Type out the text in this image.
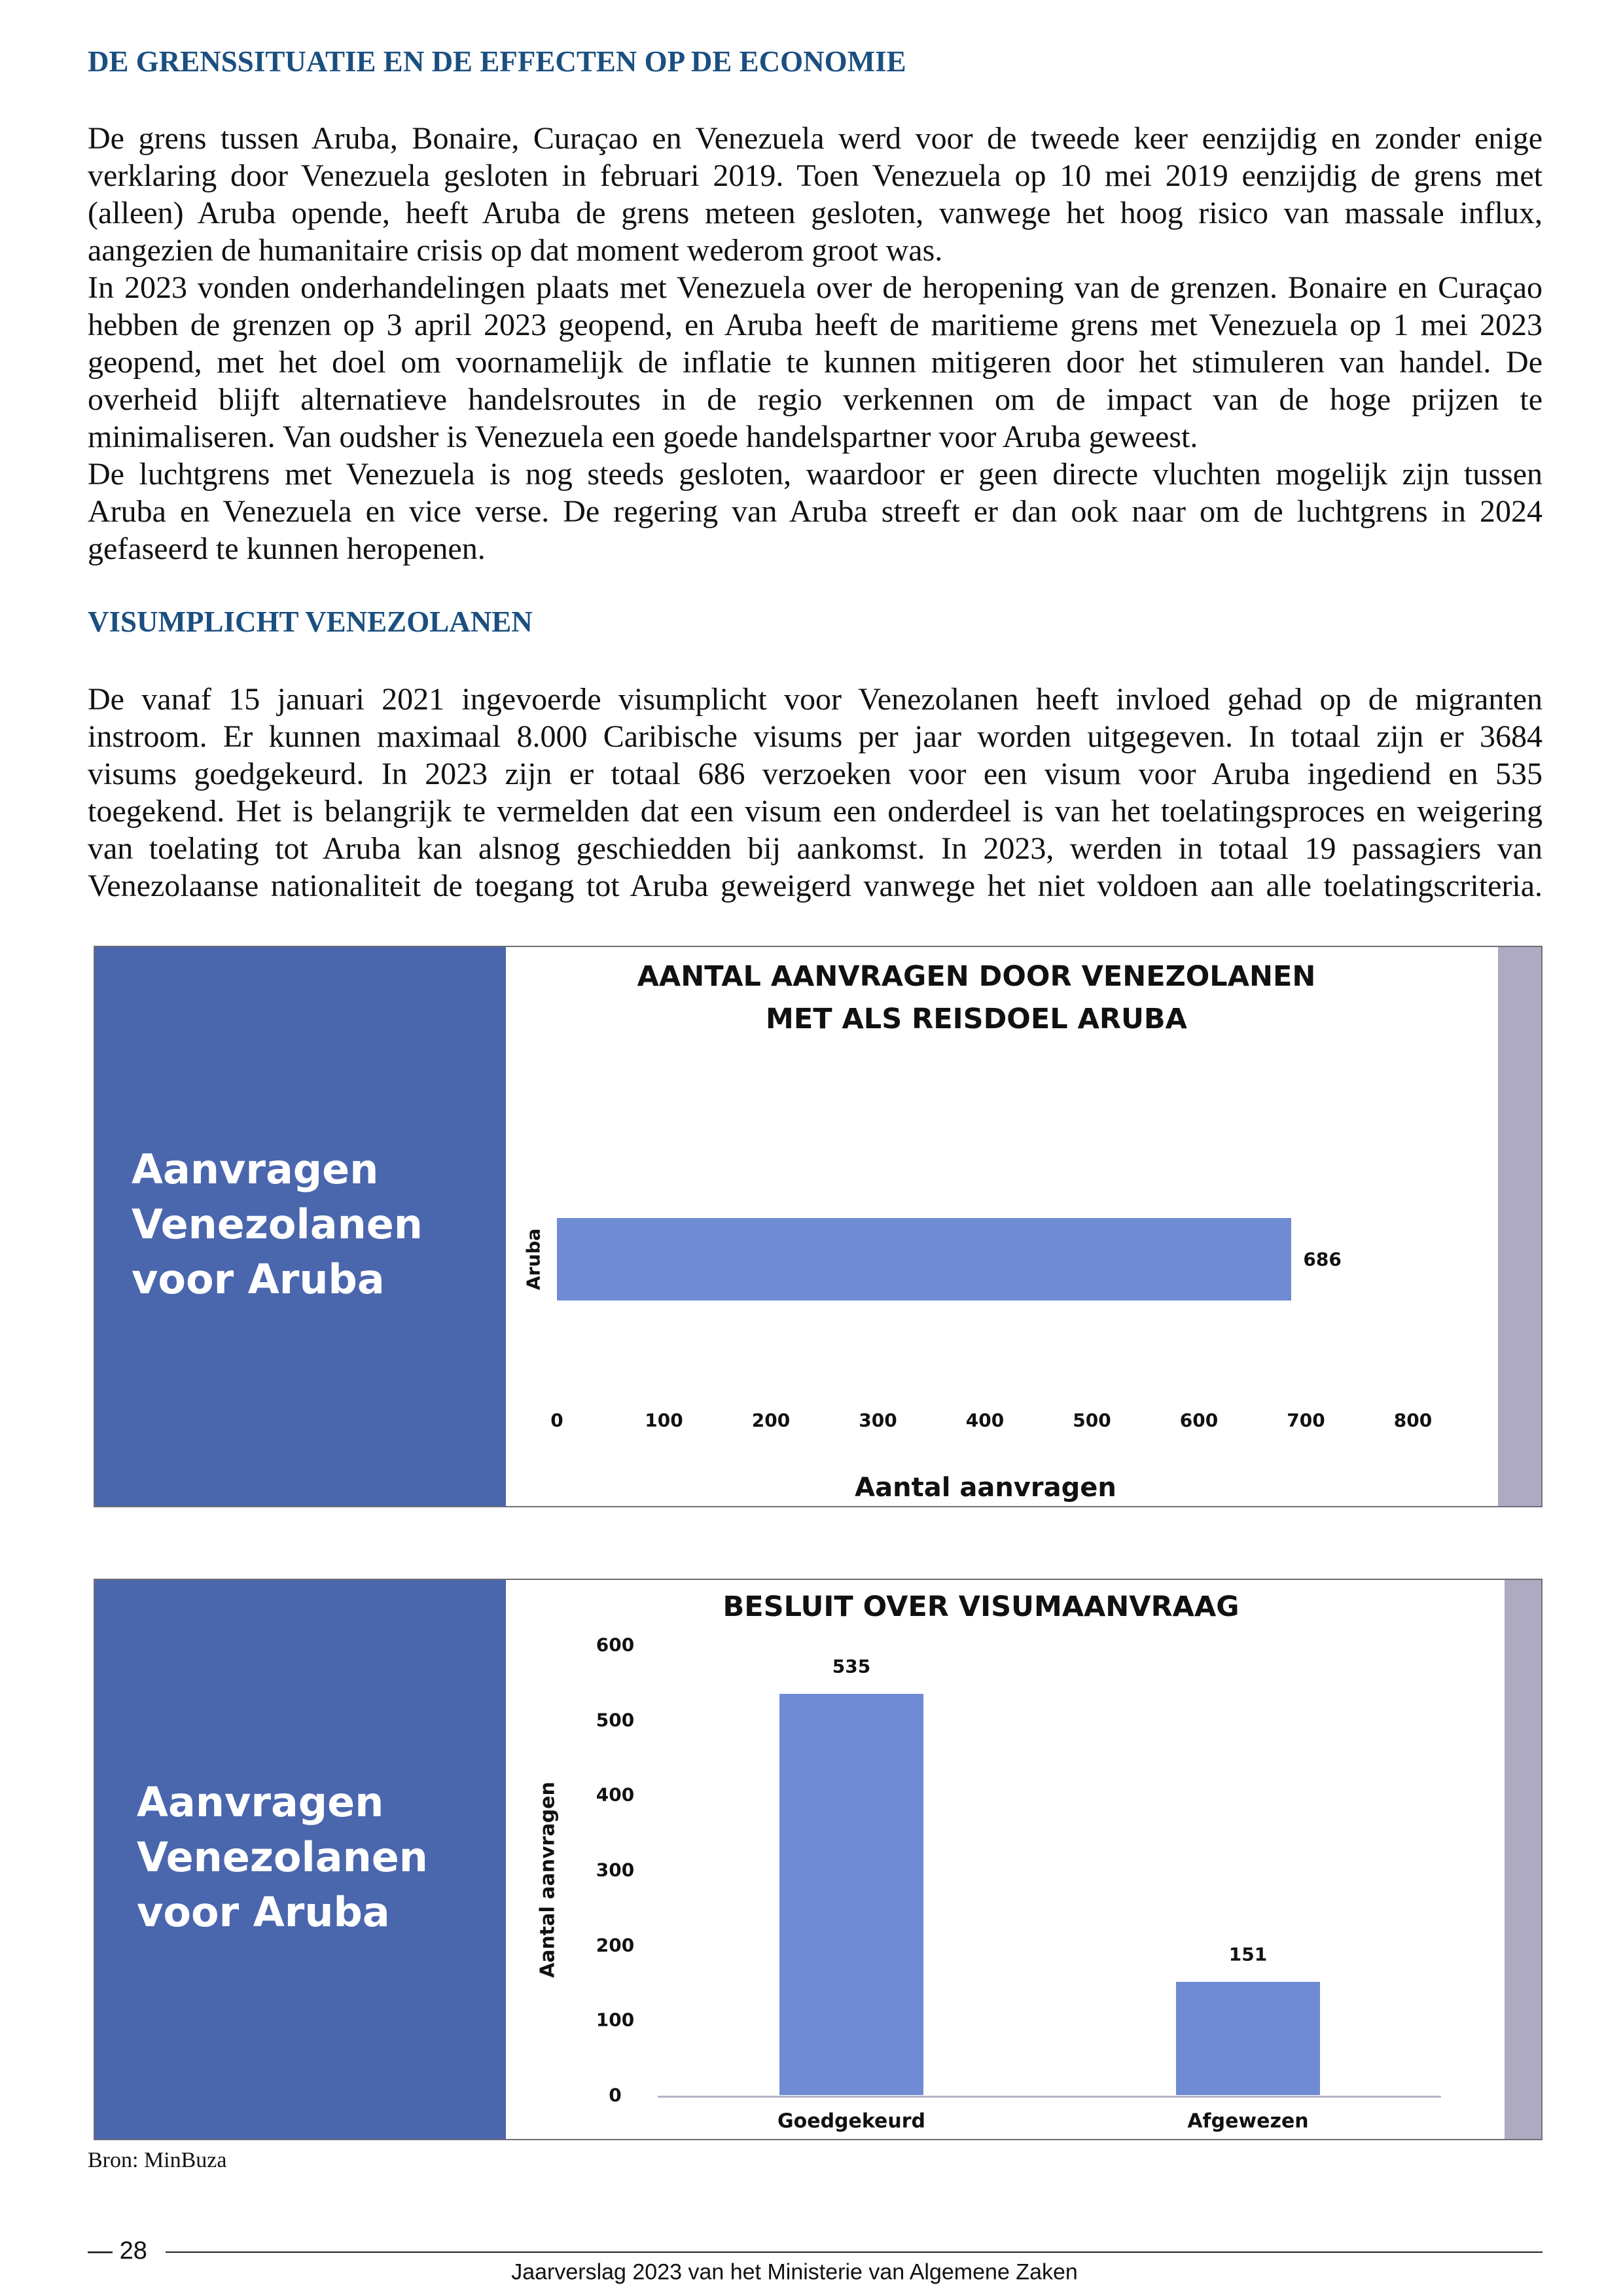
DE GRENSSITUATIE EN DE EFFECTEN OP DE ECONOMIE
De grens tussen Aruba, Bonaire, Curaçao en Venezuela werd voor de tweede keer eenzijdig en zonder enige
verklaring door Venezuela gesloten in februari 2019. Toen Venezuela op 10 mei 2019 eenzijdig de grens met
(alleen) Aruba opende, heeft Aruba de grens meteen gesloten, vanwege het hoog risico van massale influx,
aangezien de humanitaire crisis op dat moment wederom groot was.
In 2023 vonden onderhandelingen plaats met Venezuela over de heropening van de grenzen. Bonaire en Curaçao
hebben de grenzen op 3 april 2023 geopend, en Aruba heeft de maritieme grens met Venezuela op 1 mei 2023
geopend, met het doel om voornamelijk de inflatie te kunnen mitigeren door het stimuleren van handel. De
overheid blijft alternatieve handelsroutes in de regio verkennen om de impact van de hoge prijzen te
minimaliseren. Van oudsher is Venezuela een goede handelspartner voor Aruba geweest.
De luchtgrens met Venezuela is nog steeds gesloten, waardoor er geen directe vluchten mogelijk zijn tussen
Aruba en Venezuela en vice verse. De regering van Aruba streeft er dan ook naar om de luchtgrens in 2024
gefaseerd te kunnen heropenen.
VISUMPLICHT VENEZOLANEN
De vanaf 15 januari 2021 ingevoerde visumplicht voor Venezolanen heeft invloed gehad op de migranten
instroom. Er kunnen maximaal 8.000 Caribische visums per jaar worden uitgegeven. In totaal zijn er 3684
visums goedgekeurd. In 2023 zijn er totaal 686 verzoeken voor een visum voor Aruba ingediend en 535
toegekend. Het is belangrijk te vermelden dat een visum een onderdeel is van het toelatingsproces en weigering
van toelating tot Aruba kan alsnog geschiedden bij aankomst. In 2023, werden in totaal 19 passagiers van
Venezolaanse nationaliteit de toegang tot Aruba geweigerd vanwege het niet voldoen aan alle toelatingscriteria.
Aanvragen
Venezolanen
voor Aruba
AANTAL AANVRAGEN DOOR VENEZOLANEN
MET ALS REISDOEL ARUBA
686
Aruba
0	100	200	300	400	500	600	700	800
Aantal aanvragen
Aanvragen
Venezolanen
voor Aruba
BESLUIT OVER VISUMAANVRAAG
0
100
200
300
400
500
600
Aantal aanvragen
535
Goedgekeurd
151
Afgewezen
Bron: MinBuza
— 28
Jaarverslag 2023 van het Ministerie van Algemene Zaken
